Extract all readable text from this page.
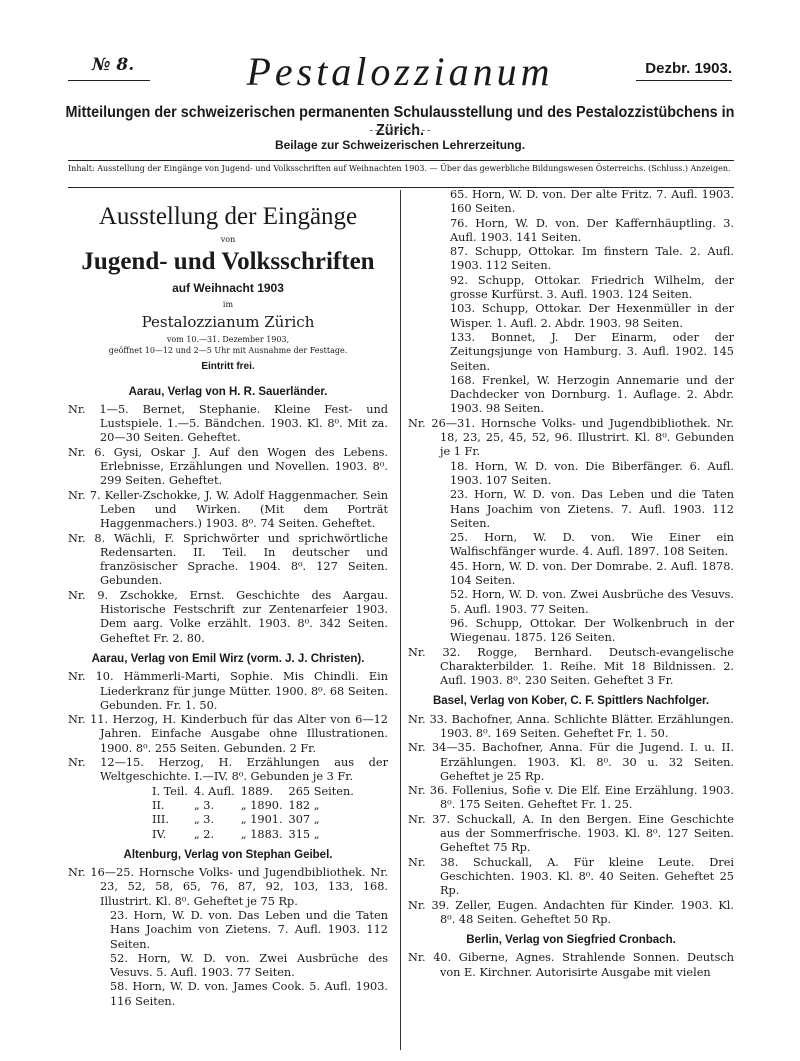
№ 8.	Pestalozzianum	Dezbr. 1903.
Mitteilungen der schweizerischen permanenten Schulausstellung und des Pestalozzistübchens in Zürich.
Beilage zur Schweizerischen Lehrerzeitung.
Inhalt: Ausstellung der Eingänge von Jugend- und Volksschriften auf Weihnachten 1903. — Über das gewerbliche Bildungswesen Österreichs. (Schluss.) Anzeigen.
Ausstellung der Eingänge

von

Jugend- und Volksschriften

auf Weihnacht 1903

im

Pestalozzianum Zürich

vom 10.—31. Dezember 1903,

geöffnet 10—12 und 2—5 Uhr mit Ausnahme der Festtage.

Eintritt frei.

Aarau, Verlag von H. R. Sauerländer.

Nr. 1—5. Bernet, Stephanie. Kleine Fest- und Lustspiele. 1.—5. Bändchen. 1903. Kl. 8⁰. Mit za. 20—30 Seiten. Geheftet.

Nr. 6. Gysi, Oskar J. Auf den Wogen des Lebens. Erlebnisse, Erzählungen und Novellen. 1903. 8⁰. 299 Seiten. Geheftet.

Nr. 7. Keller-Zschokke, J. W. Adolf Haggenmacher. Sein Leben und Wirken. (Mit dem Porträt Haggenmachers.) 1903. 8⁰. 74 Seiten. Geheftet.

Nr. 8. Wächli, F. Sprichwörter und sprichwörtliche Redensarten. II. Teil. In deutscher und französischer Sprache. 1904. 8⁰. 127 Seiten. Gebunden.

Nr. 9. Zschokke, Ernst. Geschichte des Aargau. Historische Festschrift zur Zentenarfeier 1903. Dem aarg. Volke erzählt. 1903. 8⁰. 342 Seiten. Geheftet Fr. 2. 80.

Aarau, Verlag von Emil Wirz (vorm. J. J. Christen).

Nr. 10. Hämmerli-Marti, Sophie. Mis Chindli. Ein Liederkranz für junge Mütter. 1900. 8⁰. 68 Seiten. Gebunden. Fr. 1. 50.

Nr. 11. Herzog, H. Kinderbuch für das Alter von 6—12 Jahren. Einfache Ausgabe ohne Illustrationen. 1900. 8⁰. 255 Seiten. Gebunden. 2 Fr.

Nr. 12—15. Herzog, H. Erzählungen aus der Weltgeschichte. I.—IV. 8⁰. Gebunden je 3 Fr.

I. Teil.	4. Aufl.	1889.	265 Seiten.
II.	„ 3.	„ 1890.	182 „
III.	„ 3.	„ 1901.	307 „
IV.	„ 2.	„ 1883.	315 „
Altenburg, Verlag von Stephan Geibel.

Nr. 16—25. Hornsche Volks- und Jugendbibliothek. Nr. 23, 52, 58, 65, 76, 87, 92, 103, 133, 168. Illustrirt. Kl. 8⁰. Geheftet je 75 Rp.

23. Horn, W. D. von. Das Leben und die Taten Hans Joachim von Zietens. 7. Aufl. 1903. 112 Seiten.

52. Horn, W. D. von. Zwei Ausbrüche des Vesuvs. 5. Aufl. 1903. 77 Seiten.

58. Horn, W. D. von. James Cook. 5. Aufl. 1903. 116 Seiten.

65. Horn, W. D. von. Der alte Fritz. 7. Aufl. 1903. 160 Seiten.

76. Horn, W. D. von. Der Kaffernhäuptling. 3. Aufl. 1903. 141 Seiten.

87. Schupp, Ottokar. Im finstern Tale. 2. Aufl. 1903. 112 Seiten.

92. Schupp, Ottokar. Friedrich Wilhelm, der grosse Kurfürst. 3. Aufl. 1903. 124 Seiten.

103. Schupp, Ottokar. Der Hexenmüller in der Wisper. 1. Aufl. 2. Abdr. 1903. 98 Seiten.

133. Bonnet, J. Der Einarm, oder der Zeitungsjunge von Hamburg. 3. Aufl. 1902. 145 Seiten.

168. Frenkel, W. Herzogin Annemarie und der Dachdecker von Dornburg. 1. Auflage. 2. Abdr. 1903. 98 Seiten.

Nr. 26—31. Hornsche Volks- und Jugendbibliothek. Nr. 18, 23, 25, 45, 52, 96. Illustrirt. Kl. 8⁰. Gebunden je 1 Fr.

18. Horn, W. D. von. Die Biberfänger. 6. Aufl. 1903. 107 Seiten.

23. Horn, W. D. von. Das Leben und die Taten Hans Joachim von Zietens. 7. Aufl. 1903. 112 Seiten.

25. Horn, W. D. von. Wie Einer ein Walfischfänger wurde. 4. Aufl. 1897. 108 Seiten.

45. Horn, W. D. von. Der Domrabe. 2. Aufl. 1878. 104 Seiten.

52. Horn, W. D. von. Zwei Ausbrüche des Vesuvs. 5. Aufl. 1903. 77 Seiten.

96. Schupp, Ottokar. Der Wolkenbruch in der Wiegenau. 1875. 126 Seiten.

Nr. 32. Rogge, Bernhard. Deutsch-evangelische Charakterbilder. 1. Reihe. Mit 18 Bildnissen. 2. Aufl. 1903. 8⁰. 230 Seiten. Geheftet 3 Fr.

Basel, Verlag von Kober, C. F. Spittlers Nachfolger.

Nr. 33. Bachofner, Anna. Schlichte Blätter. Erzählungen. 1903. 8⁰. 169 Seiten. Geheftet Fr. 1. 50.

Nr. 34—35. Bachofner, Anna. Für die Jugend. I. u. II. Erzählungen. 1903. Kl. 8⁰. 30 u. 32 Seiten. Geheftet je 25 Rp.

Nr. 36. Follenius, Sofie v. Die Elf. Eine Erzählung. 1903. 8⁰. 175 Seiten. Geheftet Fr. 1. 25.

Nr. 37. Schuckall, A. In den Bergen. Eine Geschichte aus der Sommerfrische. 1903. Kl. 8⁰. 127 Seiten. Geheftet 75 Rp.

Nr. 38. Schuckall, A. Für kleine Leute. Drei Geschichten. 1903. Kl. 8⁰. 40 Seiten. Geheftet 25 Rp.

Nr. 39. Zeller, Eugen. Andachten für Kinder. 1903. Kl. 8⁰. 48 Seiten. Geheftet 50 Rp.

Berlin, Verlag von Siegfried Cronbach.

Nr. 40. Giberne, Agnes. Strahlende Sonnen. Deutsch von E. Kirchner. Autorisirte Ausgabe mit vielen
